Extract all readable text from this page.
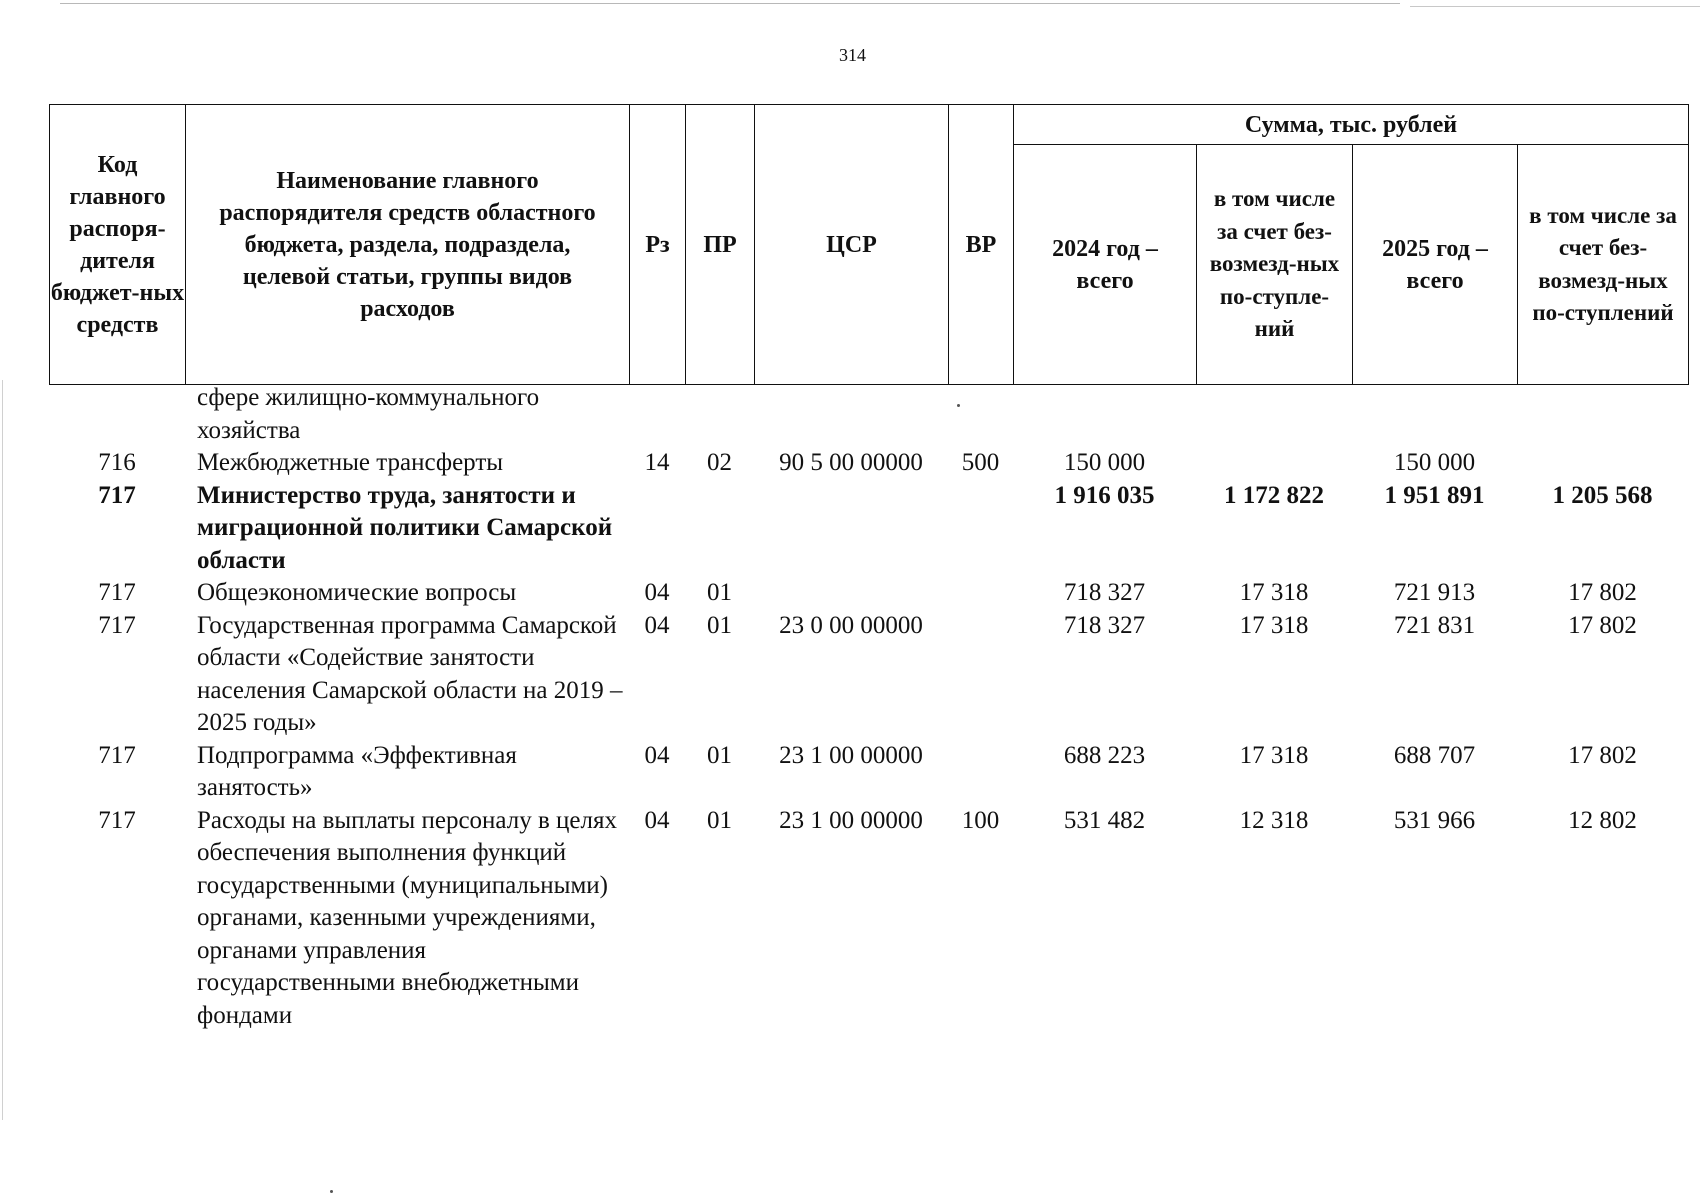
314
Код главного распоря-дителя бюджет-ных средств	Наименование главного распорядителя средств областного бюджета, раздела, подраздела, целевой статьи, группы видов расходов	Рз	ПР	ЦСР	ВР	Сумма, тыс. рублей			
						2024 год – всего	в том числе за счет без-возмезд-ных по-ступле-ний	2025 год – всего	в том числе за счет без-возмезд-ных по-ступлений
	сфере жилищно-коммунального хозяйства								
716	Межбюджетные трансферты	14	02	90 5 00 00000	500	150 000		150 000	
717	Министерство труда, занятости и миграционной политики Самарской области					1 916 035	1 172 822	1 951 891	1 205 568
717	Общеэкономические вопросы	04	01			718 327	17 318	721 913	17 802
717	Государственная программа Самарской области «Содействие занятости населения Самарской области на 2019 – 2025 годы»	04	01	23 0 00 00000		718 327	17 318	721 831	17 802
717	Подпрограмма «Эффективная занятость»	04	01	23 1 00 00000		688 223	17 318	688 707	17 802
717	Расходы на выплаты персоналу в целях обеспечения выполнения функций государственными (муниципальными) органами, казенными учреждениями, органами управления государственными внебюджетными фондами	04	01	23 1 00 00000	100	531 482	12 318	531 966	12 802
